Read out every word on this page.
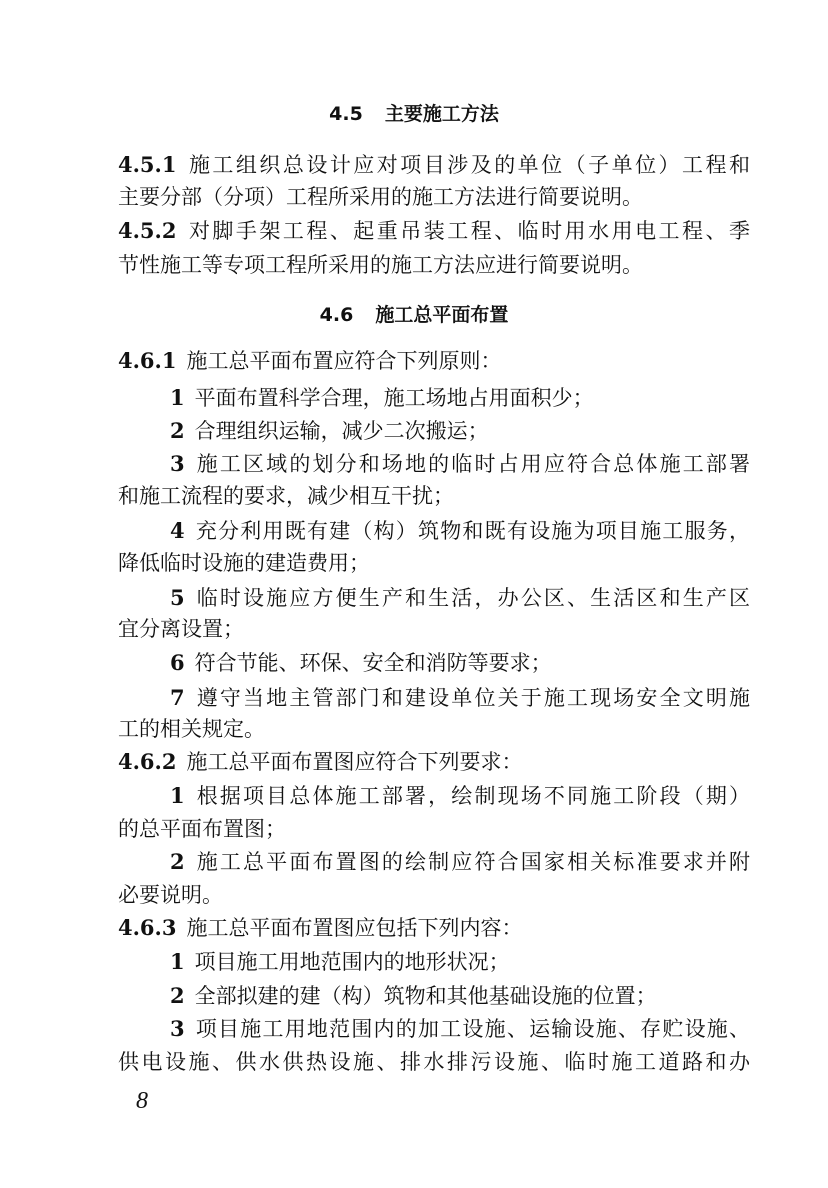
4.5 主要施工方法
4.5.1 施工组织总设计应对项目涉及的单位（子单位）工程和
主要分部（分项）工程所采用的施工方法进行简要说明。
4.5.2 对脚手架工程、起重吊装工程、临时用水用电工程、季
节性施工等专项工程所采用的施工方法应进行简要说明。
4.6 施工总平面布置
4.6.1 施工总平面布置应符合下列原则：
1 平面布置科学合理，施工场地占用面积少；
2 合理组织运输，减少二次搬运；
3 施工区域的划分和场地的临时占用应符合总体施工部署
和施工流程的要求，减少相互干扰；
4 充分利用既有建（构）筑物和既有设施为项目施工服务，
降低临时设施的建造费用；
5 临时设施应方便生产和生活，办公区、生活区和生产区
宜分离设置；
6 符合节能、环保、安全和消防等要求；
7 遵守当地主管部门和建设单位关于施工现场安全文明施
工的相关规定。
4.6.2 施工总平面布置图应符合下列要求：
1 根据项目总体施工部署，绘制现场不同施工阶段（期）
的总平面布置图；
2 施工总平面布置图的绘制应符合国家相关标准要求并附
必要说明。
4.6.3 施工总平面布置图应包括下列内容：
1 项目施工用地范围内的地形状况；
2 全部拟建的建（构）筑物和其他基础设施的位置；
3 项目施工用地范围内的加工设施、运输设施、存贮设施、
供电设施、供水供热设施、排水排污设施、临时施工道路和办
8
